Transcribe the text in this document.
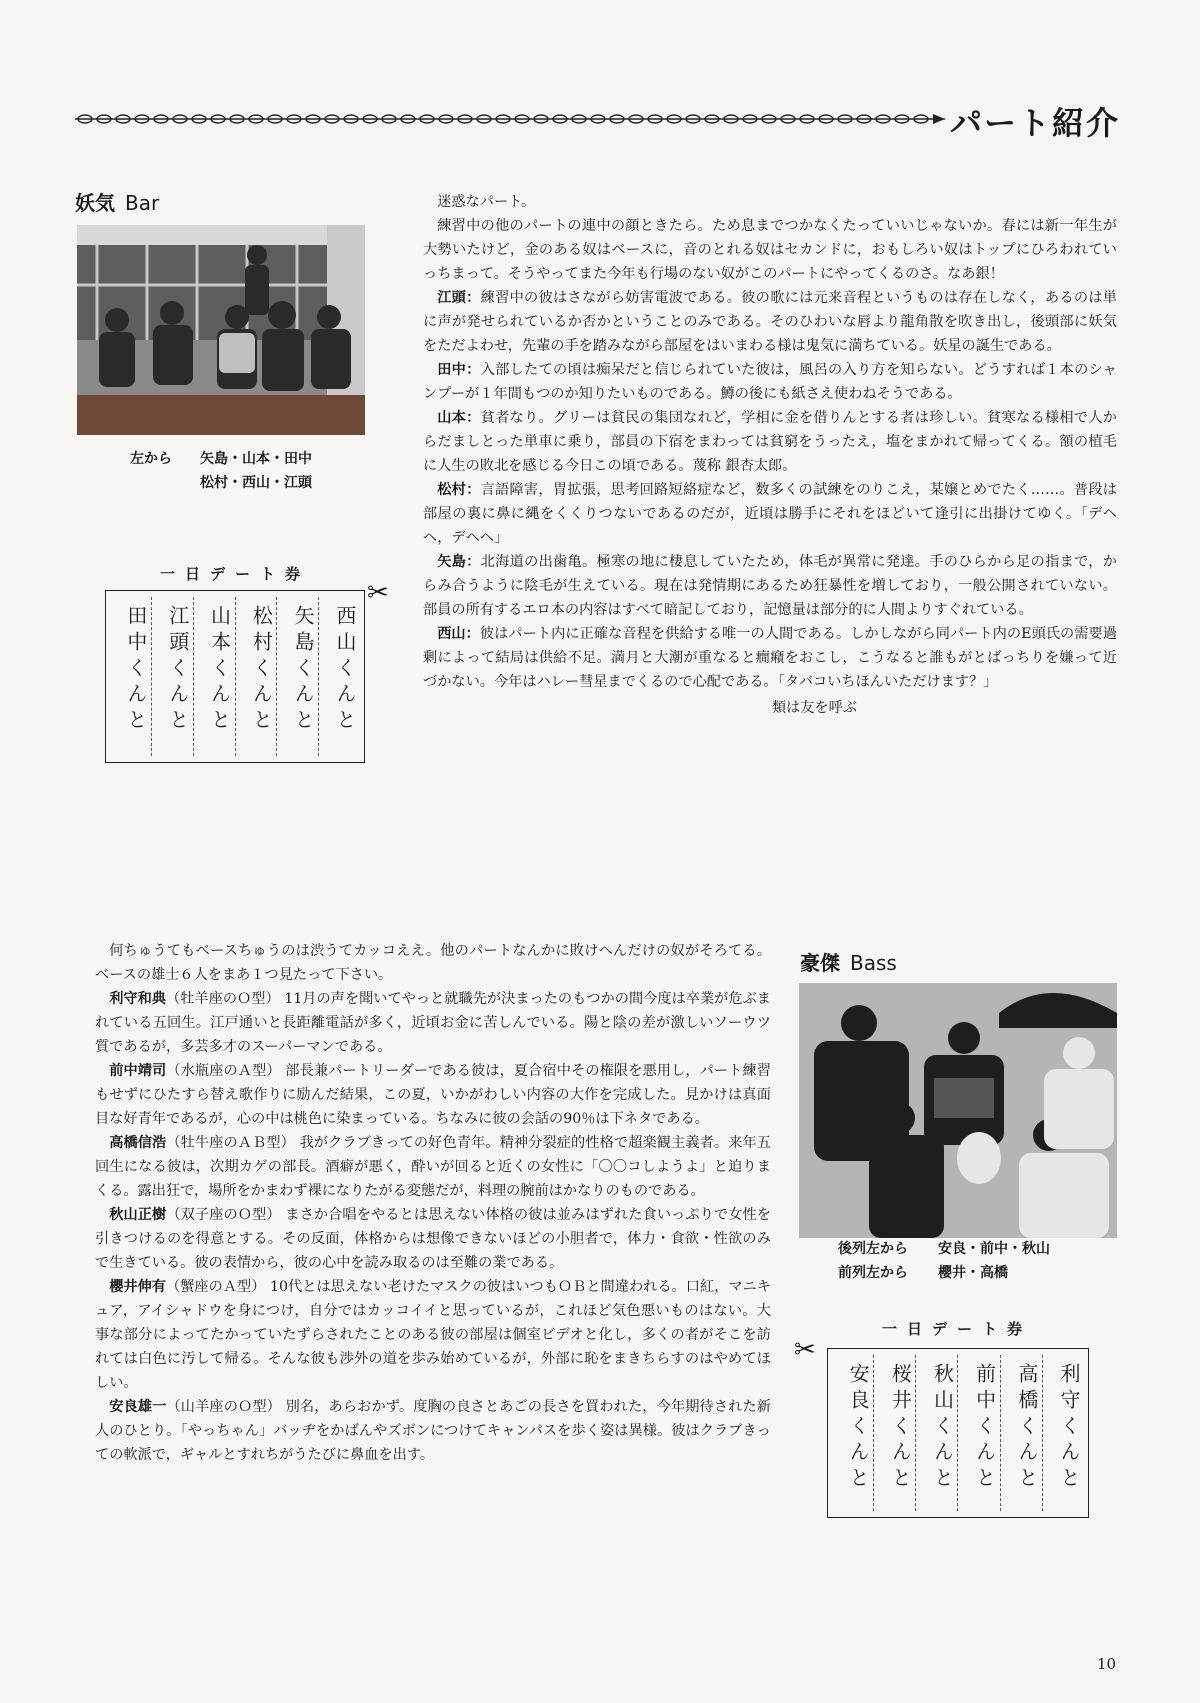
パート紹介
妖気 Bar
左から 矢島・山本・田中
松村・西山・江頭
一日デート券
✂
西山くんと
矢島くんと
松村くんと
山本くんと
江頭くんと
田中くんと

迷惑なパート。

練習中の他のパートの連中の顔ときたら。ため息までつかなくたっていいじゃないか。春には新一年生が大勢いたけど，金のある奴はベースに，音のとれる奴はセカンドに，おもしろい奴はトップにひろわれていっちまって。そうやってまた今年も行場のない奴がこのパートにやってくるのさ。なあ銀！

江頭：練習中の彼はさながら妨害電波である。彼の歌には元来音程というものは存在しなく，あるのは単に声が発せられているか否かということのみである。そのひわいな唇より龍角散を吹き出し，後頭部に妖気をただよわせ，先輩の手を踏みながら部屋をはいまわる様は鬼気に満ちている。妖星の誕生である。
田中：入部したての頃は痴呆だと信じられていた彼は，風呂の入り方を知らない。どうすれば１本のシャンプーが１年間もつのか知りたいものである。鱒の後にも紙さえ使わねそうである。
山本：貧者なり。グリーは貧民の集団なれど，学相に金を借りんとする者は珍しい。貧寒なる様相で人からだましとった単車に乗り，部員の下宿をまわっては貧窮をうったえ，塩をまかれて帰ってくる。額の植毛に人生の敗北を感じる今日この頃である。蔑称 銀杏太郎。
松村：言語障害，胃拡張，思考回路短絡症など，数多くの試練をのりこえ，某嬢とめでたく……。普段は部屋の裏に鼻に縄をくくりつないであるのだが，近頃は勝手にそれをほどいて逢引に出掛けてゆく。「デヘヘ，デヘヘ」
矢島：北海道の出歯亀。極寒の地に棲息していたため，体毛が異常に発達。手のひらから足の指まで，からみ合うように陰毛が生えている。現在は発情期にあるため狂暴性を増しており，一般公開されていない。部員の所有するエロ本の内容はすべて暗記しており，記憶量は部分的に人間よりすぐれている。
西山：彼はパート内に正確な音程を供給する唯一の人間である。しかしながら同パート内のE頭氏の需要過剰によって結局は供給不足。満月と大潮が重なると癇癪をおこし，こうなると誰もがとばっちりを嫌って近づかない。今年はハレー彗星までくるので心配である。「タバコいちほんいただけます？」
類は友を呼ぶ

何ちゅうてもベースちゅうのは渋うてカッコええ。他のパートなんかに敗けへんだけの奴がそろてる。ベースの雄士６人をまあ１つ見たって下さい。

利守和典（牡羊座のＯ型） 11月の声を聞いてやっと就職先が決まったのもつかの間今度は卒業が危ぶまれている五回生。江戸通いと長距離電話が多く，近頃お金に苦しんでいる。陽と陰の差が激しいソーウツ質であるが，多芸多才のスーパーマンである。
前中靖司（水瓶座のＡ型） 部長兼パートリーダーである彼は，夏合宿中その権限を悪用し，パート練習もせずにひたすら替え歌作りに励んだ結果，この夏，いかがわしい内容の大作を完成した。見かけは真面目な好青年であるが，心の中は桃色に染まっている。ちなみに彼の会話の90％は下ネタである。
高橋信浩（牡牛座のＡＢ型） 我がクラブきっての好色青年。精神分裂症的性格で超楽観主義者。来年五回生になる彼は，次期カゲの部長。酒癖が悪く，酔いが回ると近くの女性に「〇〇コしようよ」と迫りまくる。露出狂で，場所をかまわず裸になりたがる変態だが，料理の腕前はかなりのものである。
秋山正樹（双子座のＯ型） まさか合唱をやるとは思えない体格の彼は並みはずれた食いっぷりで女性を引きつけるのを得意とする。その反面，体格からは想像できないほどの小胆者で，体力・食欲・性欲のみで生きている。彼の表情から，彼の心中を読み取るのは至難の業である。
櫻井伸有（蟹座のＡ型） 10代とは思えない老けたマスクの彼はいつもＯＢと間違われる。口紅，マニキュア，アイシャドウを身につけ，自分ではカッコイイと思っているが，これほど気色悪いものはない。大事な部分によってたかっていたずらされたことのある彼の部屋は個室ビデオと化し，多くの者がそこを訪れては白色に汚して帰る。そんな彼も渉外の道を歩み始めているが，外部に恥をまきちらすのはやめてほしい。
安良雄一（山羊座のＯ型） 別名，あらおかず。度胸の良さとあごの長さを買われた，今年期待された新人のひとり。「やっちゃん」バッヂをかばんやズボンにつけてキャンパスを歩く姿は異様。彼はクラブきっての軟派で，ギャルとすれちがうたびに鼻血を出す。
豪傑 Bass
後列左から 安良・前中・秋山
前列左から 櫻井・高橋
一日デート券
✂
利守くんと
高橋くんと
前中くんと
秋山くんと
桜井くんと
安良くんと
10
